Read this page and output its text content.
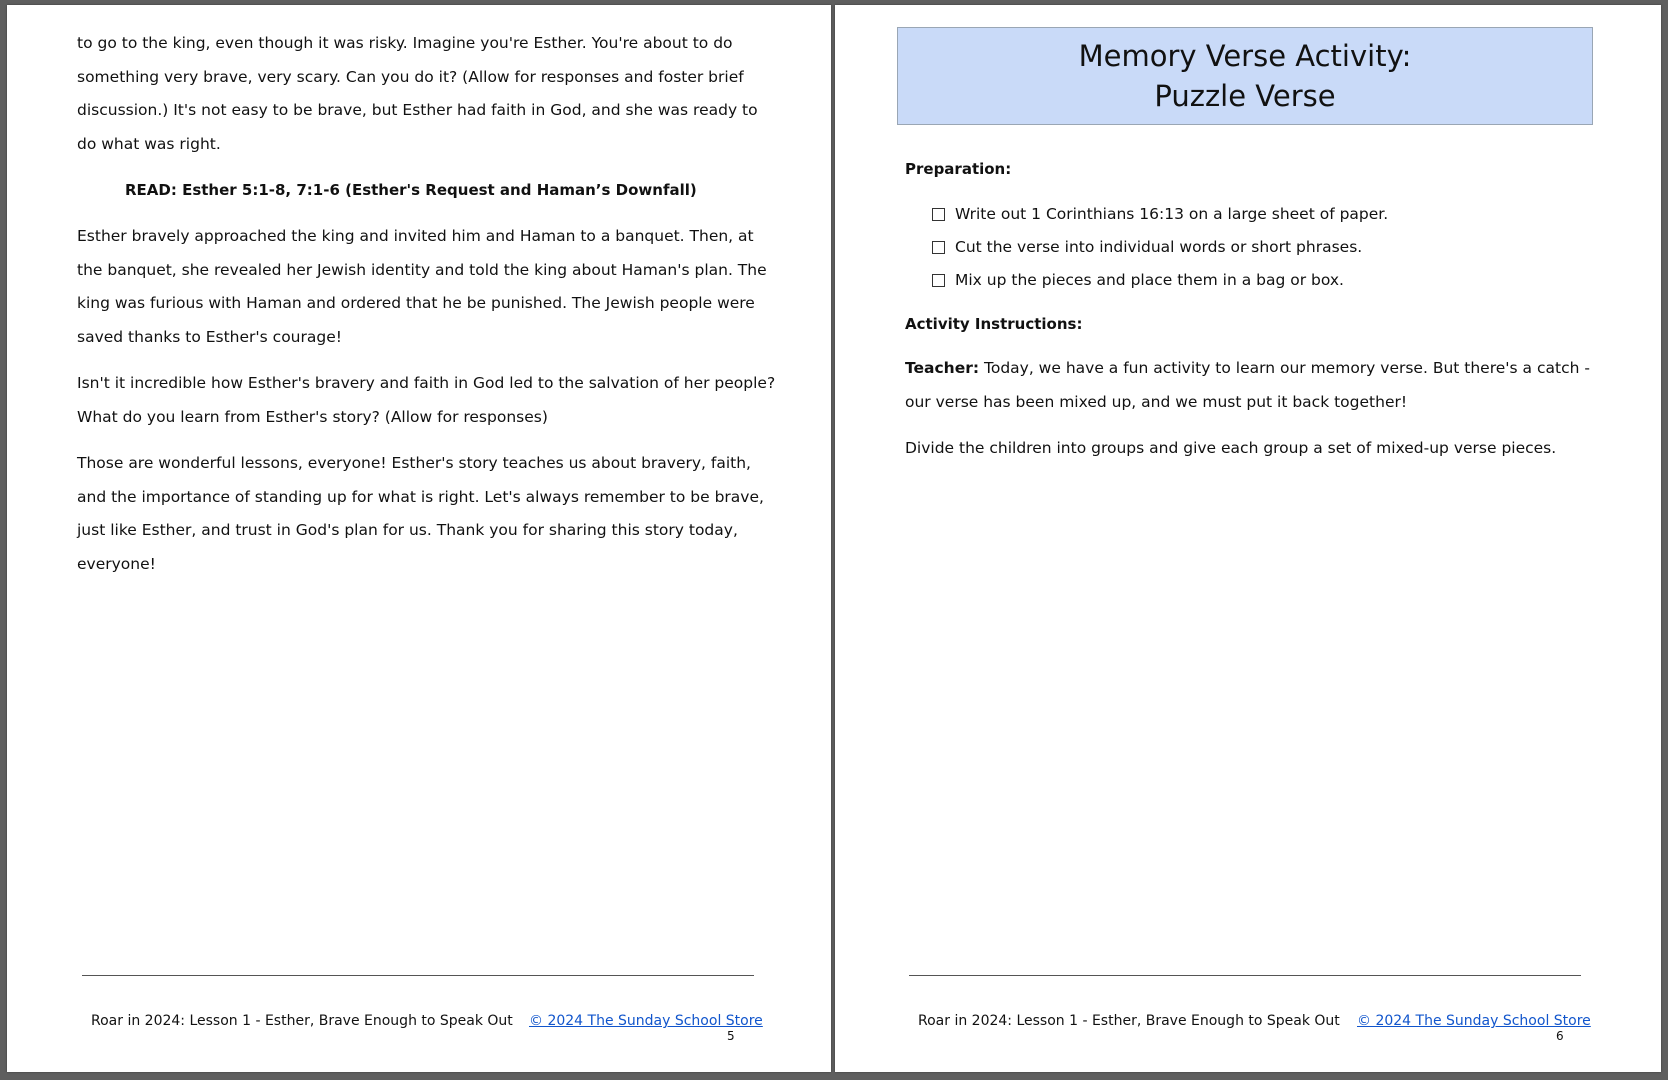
to go to the king, even though it was risky. Imagine you're Esther. You're about to do something very brave, very scary. Can you do it? (Allow for responses and foster brief discussion.) It's not easy to be brave, but Esther had faith in God, and she was ready to do what was right.

READ: Esther 5:1-8, 7:1-6 (Esther's Request and Haman’s Downfall)

Esther bravely approached the king and invited him and Haman to a banquet. Then, at the banquet, she revealed her Jewish identity and told the king about Haman's plan. The king was furious with Haman and ordered that he be punished. The Jewish people were saved thanks to Esther's courage!

Isn't it incredible how Esther's bravery and faith in God led to the salvation of her people? What do you learn from Esther's story? (Allow for responses)

Those are wonderful lessons, everyone! Esther's story teaches us about bravery, faith, and the importance of standing up for what is right. Let's always remember to be brave, just like Esther, and trust in God's plan for us. Thank you for sharing this story today, everyone!

Roar in 2024: Lesson 1 - Esther, Brave Enough to Speak Out © 2024 The Sunday School Store
5
Memory Verse Activity:
Puzzle Verse

Preparation:

Write out 1 Corinthians 16:13 on a large sheet of paper.
Cut the verse into individual words or short phrases.
Mix up the pieces and place them in a bag or box.

Activity Instructions:

Teacher: Today, we have a fun activity to learn our memory verse. But there's a catch - our verse has been mixed up, and we must put it back together!

Divide the children into groups and give each group a set of mixed-up verse pieces.

Roar in 2024: Lesson 1 - Esther, Brave Enough to Speak Out © 2024 The Sunday School Store
6
